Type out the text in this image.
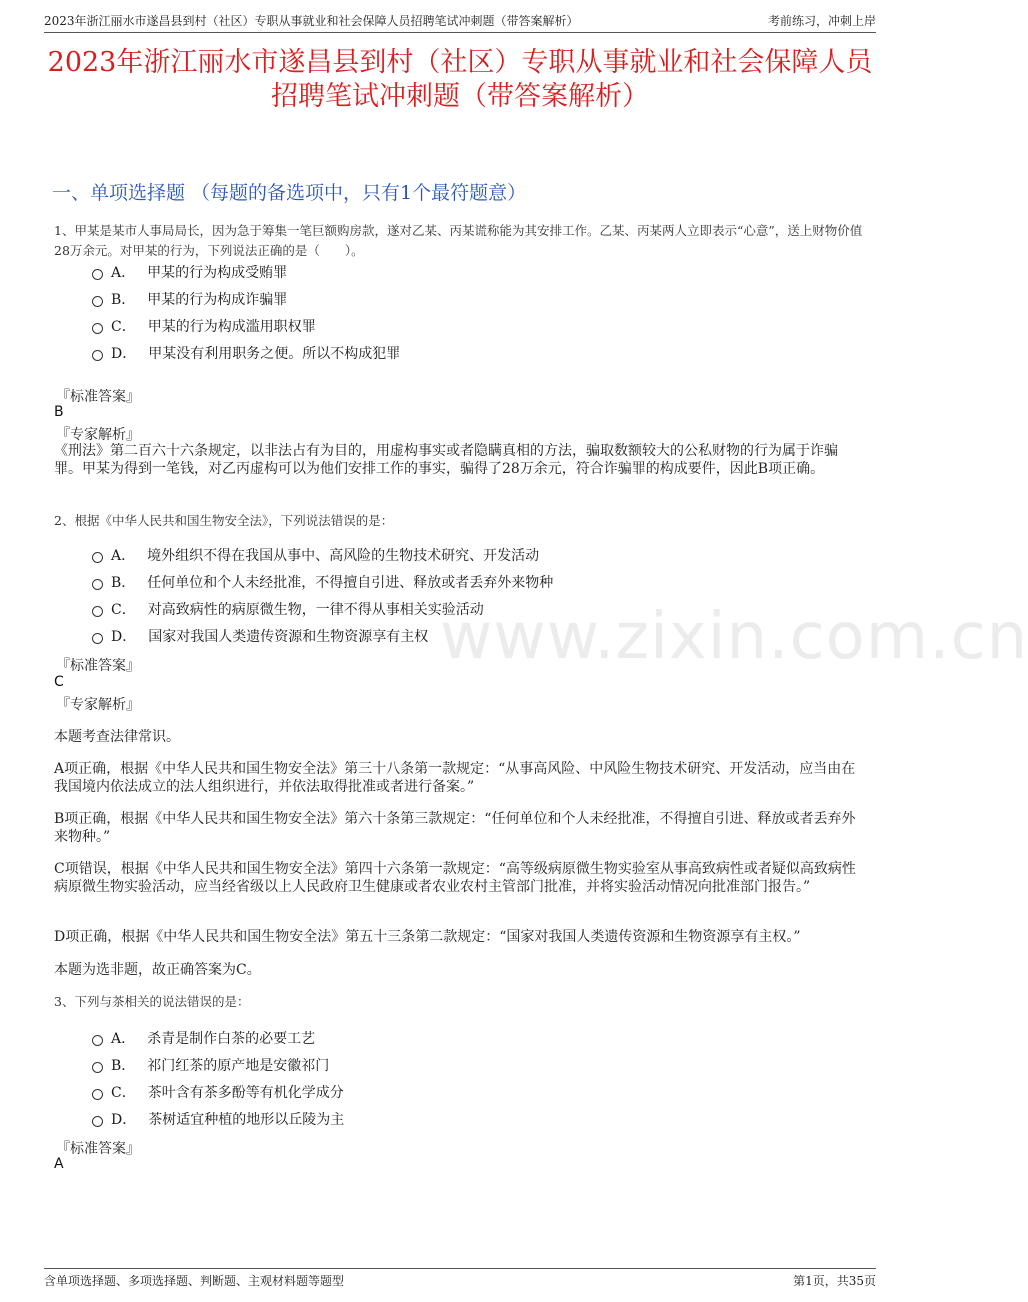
2023年浙江丽水市遂昌县到村（社区）专职从事就业和社会保障人员招聘笔试冲刺题（带答案解析）	考前练习，冲刺上岸
2023年浙江丽水市遂昌县到村（社区）专职从事就业和社会保障人员招聘笔试冲刺题（带答案解析）
www.zixin.com.cn
一、单项选择题 （每题的备选项中，只有1个最符题意）
1、甲某是某市人事局局长，因为急于筹集一笔巨额购房款，遂对乙某、丙某谎称能为其安排工作。乙某、丙某两人立即表示“心意”，送上财物价值28万余元。对甲某的行为，下列说法正确的是（　　）。
A． 甲某的行为构成受贿罪
B． 甲某的行为构成诈骗罪
C． 甲某的行为构成滥用职权罪
D． 甲某没有利用职务之便。所以不构成犯罪
『标准答案』
B
『专家解析』
《刑法》第二百六十六条规定，以非法占有为目的，用虚构事实或者隐瞒真相的方法，骗取数额较大的公私财物的行为属于诈骗罪。甲某为得到一笔钱，对乙丙虚构可以为他们安排工作的事实，骗得了28万余元，符合诈骗罪的构成要件，因此B项正确。
2、根据《中华人民共和国生物安全法》，下列说法错误的是：
A． 境外组织不得在我国从事中、高风险的生物技术研究、开发活动
B． 任何单位和个人未经批准，不得擅自引进、释放或者丢弃外来物种
C． 对高致病性的病原微生物，一律不得从事相关实验活动
D． 国家对我国人类遗传资源和生物资源享有主权
『标准答案』
C
『专家解析』
本题考查法律常识。
A项正确，根据《中华人民共和国生物安全法》第三十八条第一款规定：“从事高风险、中风险生物技术研究、开发活动，应当由在我国境内依法成立的法人组织进行，并依法取得批准或者进行备案。”
B项正确，根据《中华人民共和国生物安全法》第六十条第三款规定：“任何单位和个人未经批准，不得擅自引进、释放或者丢弃外来物种。”
C项错误，根据《中华人民共和国生物安全法》第四十六条第一款规定：“高等级病原微生物实验室从事高致病性或者疑似高致病性病原微生物实验活动，应当经省级以上人民政府卫生健康或者农业农村主管部门批准，并将实验活动情况向批准部门报告。”
D项正确，根据《中华人民共和国生物安全法》第五十三条第二款规定：“国家对我国人类遗传资源和生物资源享有主权。”
本题为选非题，故正确答案为C。
3、下列与茶相关的说法错误的是：
A． 杀青是制作白茶的必要工艺
B． 祁门红茶的原产地是安徽祁门
C． 茶叶含有茶多酚等有机化学成分
D． 茶树适宜种植的地形以丘陵为主
『标准答案』
A
含单项选择题、多项选择题、判断题、主观材料题等题型	第1页，共35页
